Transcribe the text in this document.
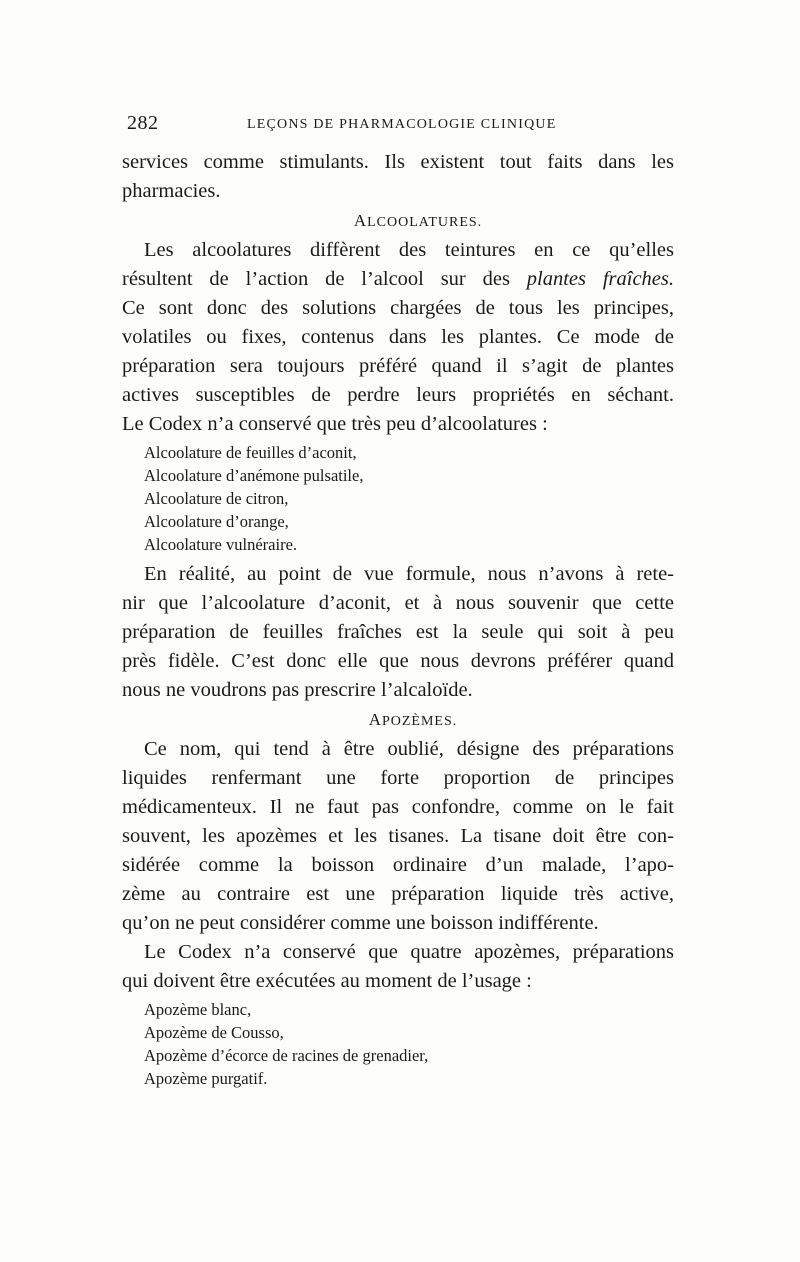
282	LEÇONS DE PHARMACOLOGIE CLINIQUE
services comme stimulants. Ils existent tout faits dans les
pharmacies.
ALCOOLATURES.
Les alcoolatures diffèrent des teintures en ce qu’elles
résultent de l’action de l’alcool sur des plantes fraîches.
Ce sont donc des solutions chargées de tous les principes,
volatiles ou fixes, contenus dans les plantes. Ce mode de
préparation sera toujours préféré quand il s’agit de plantes
actives susceptibles de perdre leurs propriétés en séchant.
Le Codex n’a conservé que très peu d’alcoolatures :
Alcoolature de feuilles d’aconit,
Alcoolature d’anémone pulsatile,
Alcoolature de citron,
Alcoolature d’orange,
Alcoolature vulnéraire.
En réalité, au point de vue formule, nous n’avons à rete-
nir que l’alcoolature d’aconit, et à nous souvenir que cette
préparation de feuilles fraîches est la seule qui soit à peu
près fidèle. C’est donc elle que nous devrons préférer quand
nous ne voudrons pas prescrire l’alcaloïde.
APOZÈMES.
Ce nom, qui tend à être oublié, désigne des préparations
liquides renfermant une forte proportion de principes
médicamenteux. Il ne faut pas confondre, comme on le fait
souvent, les apozèmes et les tisanes. La tisane doit être con-
sidérée comme la boisson ordinaire d’un malade, l’apo-
zème au contraire est une préparation liquide très active,
qu’on ne peut considérer comme une boisson indifférente.
Le Codex n’a conservé que quatre apozèmes, préparations
qui doivent être exécutées au moment de l’usage :
Apozème blanc,
Apozème de Cousso,
Apozème d’écorce de racines de grenadier,
Apozème purgatif.
